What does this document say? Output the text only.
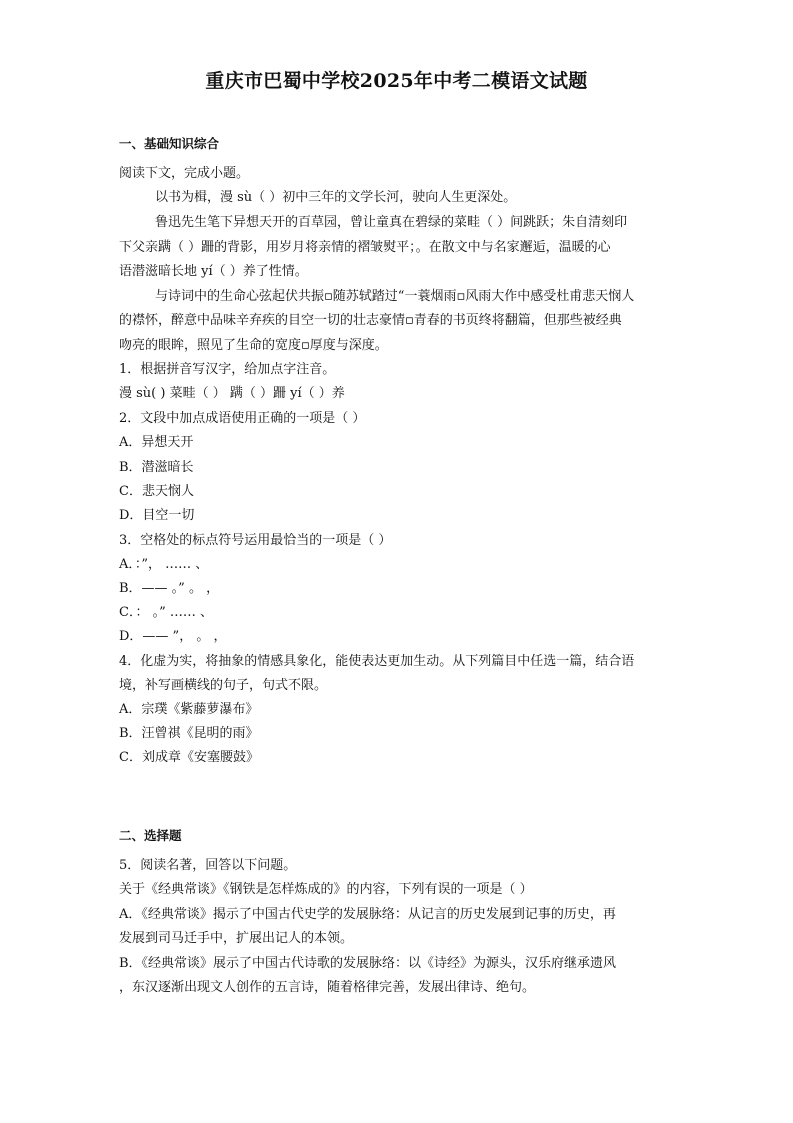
重庆市巴蜀中学校2025年中考二模语文试题
一、基础知识综合
阅读下文，完成小题。
以书为楫，漫 sù（ ）初中三年的文学长河，驶向人生更深处。
鲁迅先生笔下异想天开的百草园，曾让童真在碧绿的菜畦（ ）间跳跃；朱自清刻印
下父亲蹒（ ）跚的背影，用岁月将亲情的褶皱熨平；。在散文中与名家邂逅，温暖的心
语潜滋暗长地 yí（ ）养了性情。
与诗词中的生命心弦起伏共振▫随苏轼踏过“一蓑烟雨▫风雨大作中感受杜甫悲天悯人
的襟怀，醉意中品味辛弃疾的目空一切的壮志豪情▫青春的书页终将翻篇，但那些被经典
吻亮的眼眸，照见了生命的宽度▫厚度与深度。
1．根据拼音写汉字，给加点字注音。
漫 sù( ) 菜畦（ ） 蹒（ ）跚 yí（ ）养
2．文段中加点成语使用正确的一项是（ ）
A．异想天开
B．潜滋暗长
C．悲天悯人
D．目空一切
3．空格处的标点符号运用最恰当的一项是（ ）
A．：”， …… 、
B．—— 。” 。 ，
C．： 。” …… 、
D．—— ”， 。 ，
4．化虚为实，将抽象的情感具象化，能使表达更加生动。从下列篇目中任选一篇，结合语
境，补写画横线的句子，句式不限。
A．宗璞《紫藤萝瀑布》
B．汪曾祺《昆明的雨》
C．刘成章《安塞腰鼓》
二、选择题
5．阅读名著，回答以下问题。
关于《经典常谈》《钢铁是怎样炼成的》的内容，下列有误的一项是（ ）
A．《经典常谈》揭示了中国古代史学的发展脉络：从记言的历史发展到记事的历史，再
发展到司马迁手中，扩展出记人的本领。
B．《经典常谈》展示了中国古代诗歌的发展脉络：以《诗经》为源头，汉乐府继承遗风
，东汉逐渐出现文人创作的五言诗，随着格律完善，发展出律诗、绝句。
